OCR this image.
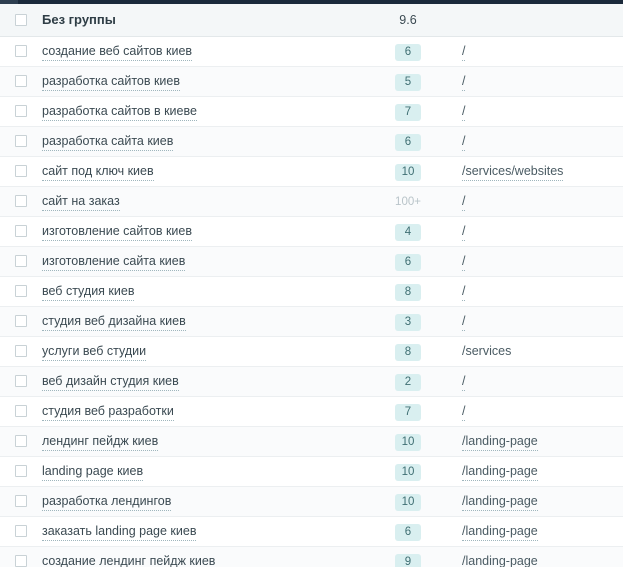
	Без группы	9.6	
	создание веб сайтов киев	6	/
	разработка сайтов киев	5	/
	разработка сайтов в киеве	7	/
	разработка сайта киев	6	/
	сайт под ключ киев	10	/services/websites
	сайт на заказ	100+	/
	изготовление сайтов киев	4	/
	изготовление сайта киев	6	/
	веб студия киев	8	/
	студия веб дизайна киев	3	/
	услуги веб студии	8	/services
	веб дизайн студия киев	2	/
	студия веб разработки	7	/
	лендинг пейдж киев	10	/landing-page
	landing page киев	10	/landing-page
	разработка лендингов	10	/landing-page
	заказать landing page киев	6	/landing-page
	создание лендинг пейдж киев	9	/landing-page
